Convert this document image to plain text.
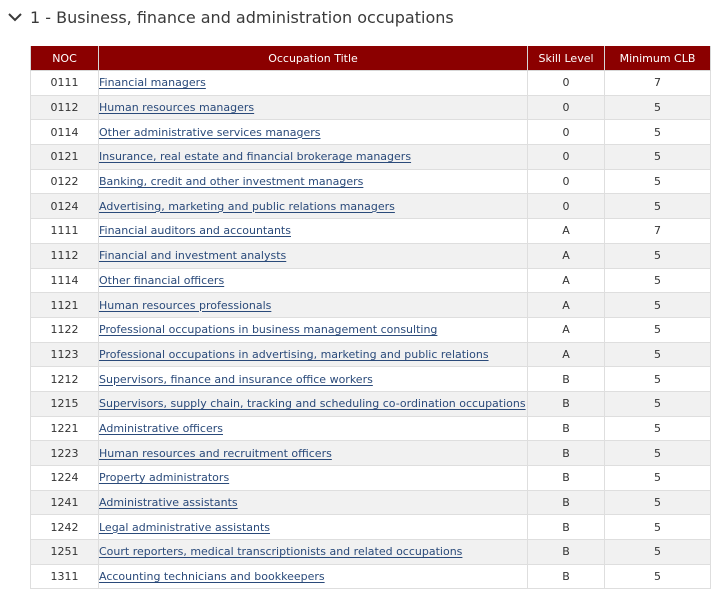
1 - Business, finance and administration occupations
NOC	Occupation Title	Skill Level	Minimum CLB
0111	Financial managers	0	7
0112	Human resources managers	0	5
0114	Other administrative services managers	0	5
0121	Insurance, real estate and financial brokerage managers	0	5
0122	Banking, credit and other investment managers	0	5
0124	Advertising, marketing and public relations managers	0	5
1111	Financial auditors and accountants	A	7
1112	Financial and investment analysts	A	5
1114	Other financial officers	A	5
1121	Human resources professionals	A	5
1122	Professional occupations in business management consulting	A	5
1123	Professional occupations in advertising, marketing and public relations	A	5
1212	Supervisors, finance and insurance office workers	B	5
1215	Supervisors, supply chain, tracking and scheduling co-ordination occupations	B	5
1221	Administrative officers	B	5
1223	Human resources and recruitment officers	B	5
1224	Property administrators	B	5
1241	Administrative assistants	B	5
1242	Legal administrative assistants	B	5
1251	Court reporters, medical transcriptionists and related occupations	B	5
1311	Accounting technicians and bookkeepers	B	5
